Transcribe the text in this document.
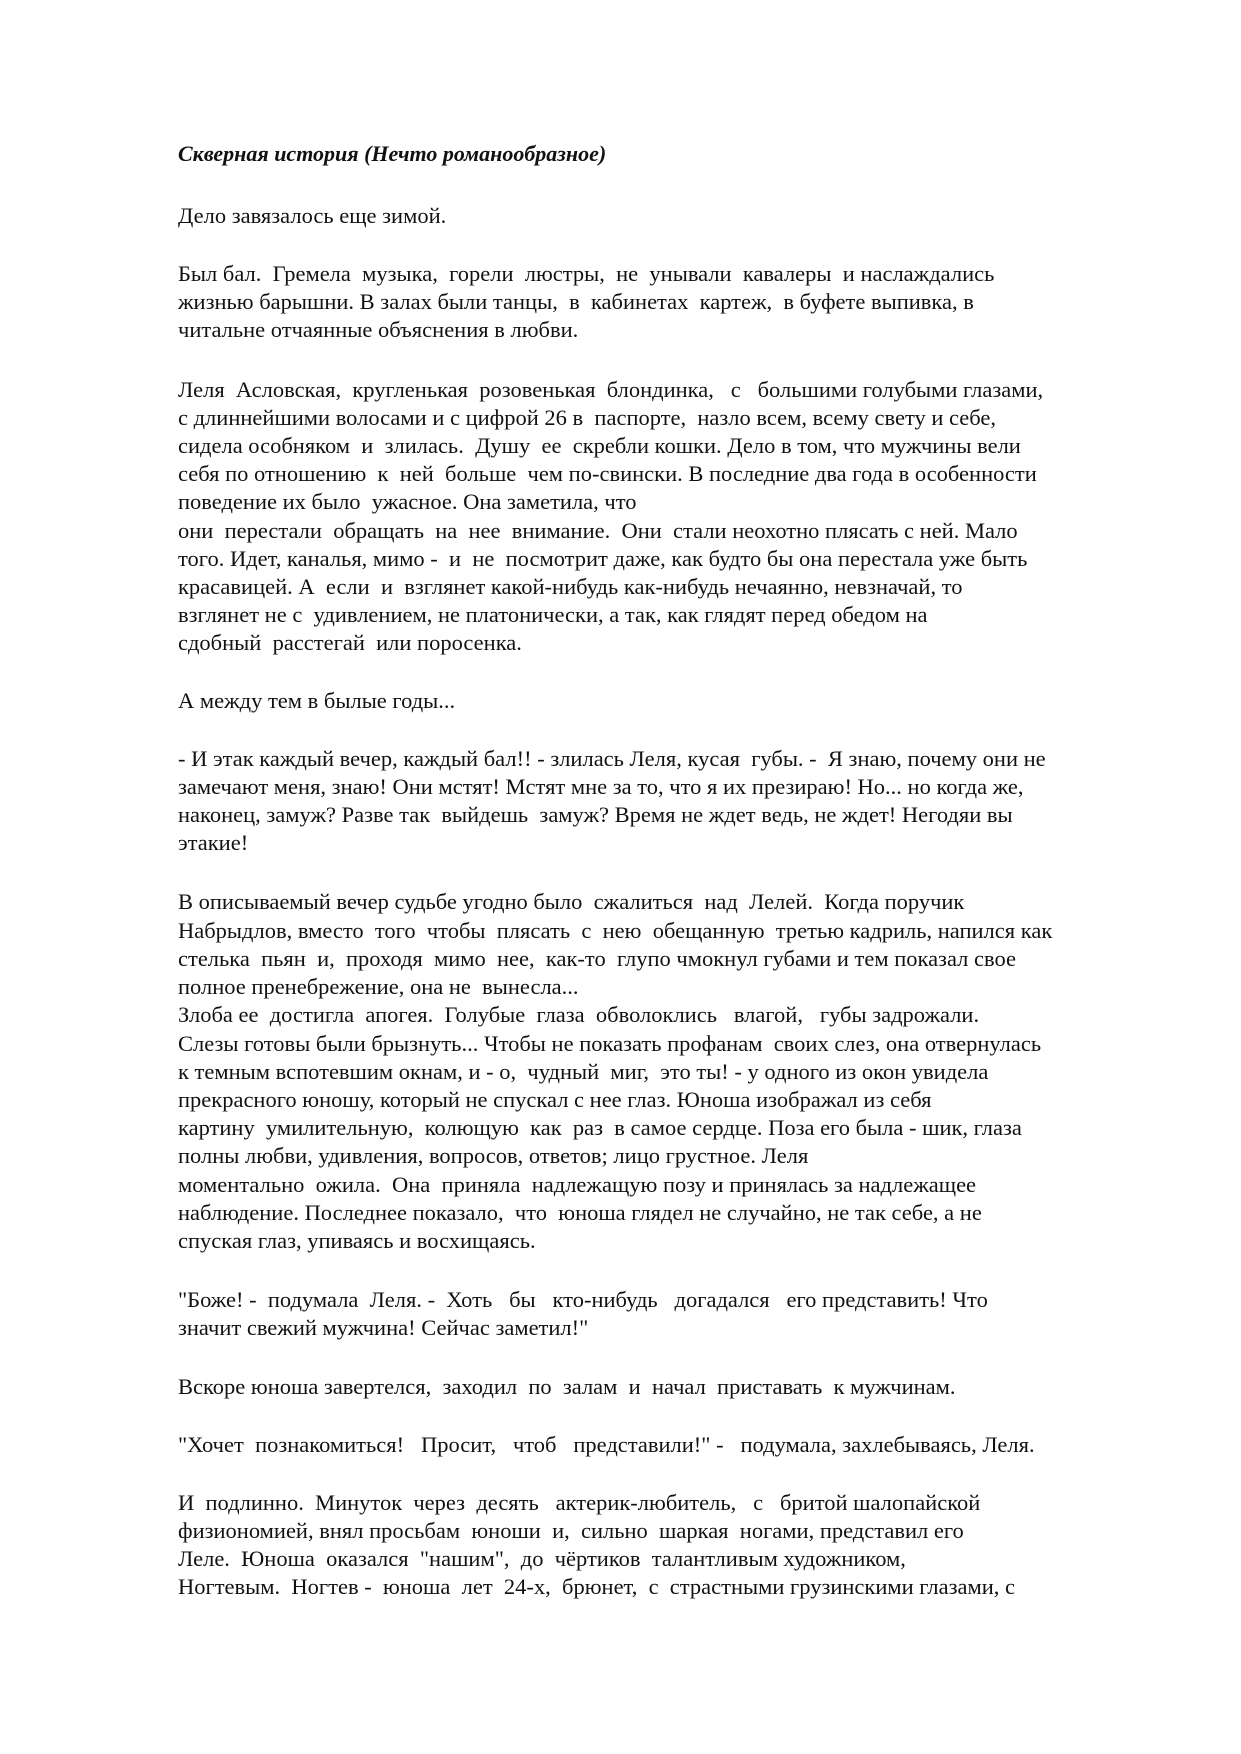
Скверная история (Нечто романообразное)
Дело завязалось еще зимой.
Был бал.  Гремела  музыка,  горели  люстры,  не  унывали  кавалеры  и наслаждались
жизнью барышни. В залах были танцы,  в  кабинетах  картеж,  в буфете выпивка, в
читальне отчаянные объяснения в любви.
Леля  Асловская,  кругленькая  розовенькая  блондинка,   с   большими голубыми глазами,
с длиннейшими волосами и с цифрой 26 в  паспорте,  назло всем, всему свету и себе,
сидела особняком  и  злилась.  Душу  ее  скребли кошки. Дело в том, что мужчины вели
себя по отношению  к  ней  больше  чем по-свински. В последние два года в особенности
поведение их было  ужасное. Она заметила, что
они  перестали  обращать  на  нее  внимание.  Они  стали неохотно плясать с ней. Мало
того. Идет, каналья, мимо -  и  не  посмотрит даже, как будто бы она перестала уже быть
красавицей. А  если  и  взглянет какой-нибудь как-нибудь нечаянно, невзначай, то
взглянет не с  удивлением, не платонически, а так, как глядят перед обедом на
сдобный  расстегай  или поросенка.
А между тем в былые годы...
- И этак каждый вечер, каждый бал!! - злилась Леля, кусая  губы. -  Я знаю, почему они не
замечают меня, знаю! Они мстят! Мстят мне за то, что я их презираю! Но... но когда же,
наконец, замуж? Разве так  выйдешь  замуж? Время не ждет ведь, не ждет! Негодяи вы
этакие!
В описываемый вечер судьбе угодно было  сжалиться  над  Лелей.  Когда поручик
Набрыдлов, вместо  того  чтобы  плясать  с  нею  обещанную  третью кадриль, напился как
стелька  пьян  и,  проходя  мимо  нее,  как-то  глупо чмокнул губами и тем показал свое
полное пренебрежение, она не  вынесла...
Злоба ее  достигла  апогея.  Голубые  глаза  обволоклись   влагой,   губы задрожали.
Слезы готовы были брызнуть... Чтобы не показать профанам  своих слез, она отвернулась
к темным вспотевшим окнам, и - о,  чудный  миг,  это ты! - у одного из окон увидела
прекрасного юношу, который не спускал с нее глаз. Юноша изображал из себя
картину  умилительную,  колющую  как  раз  в самое сердце. Поза его была - шик, глаза
полны любви, удивления, вопросов, ответов; лицо грустное. Леля
моментально  ожила.  Она  приняла  надлежащую позу и принялась за надлежащее
наблюдение. Последнее показало,  что  юноша глядел не случайно, не так себе, а не
спуская глаз, упиваясь и восхищаясь.
"Боже! -  подумала  Леля. -  Хоть   бы   кто-нибудь   догадался   его представить! Что
значит свежий мужчина! Сейчас заметил!"
Вскоре юноша завертелся,  заходил  по  залам  и  начал  приставать  к мужчинам.
"Хочет  познакомиться!   Просит,   чтоб   представили!" -   подумала, захлебываясь, Леля.
И  подлинно.  Минуток  через  десять   актерик-любитель,   с   бритой шалопайской
физиономией, внял просьбам  юноши  и,  сильно  шаркая  ногами, представил его
Леле.  Юноша  оказался  "нашим",  до  чёртиков  талантливым художником,
Ногтевым.  Ногтев -  юноша  лет  24-х,  брюнет,  с  страстными грузинскими глазами, с
